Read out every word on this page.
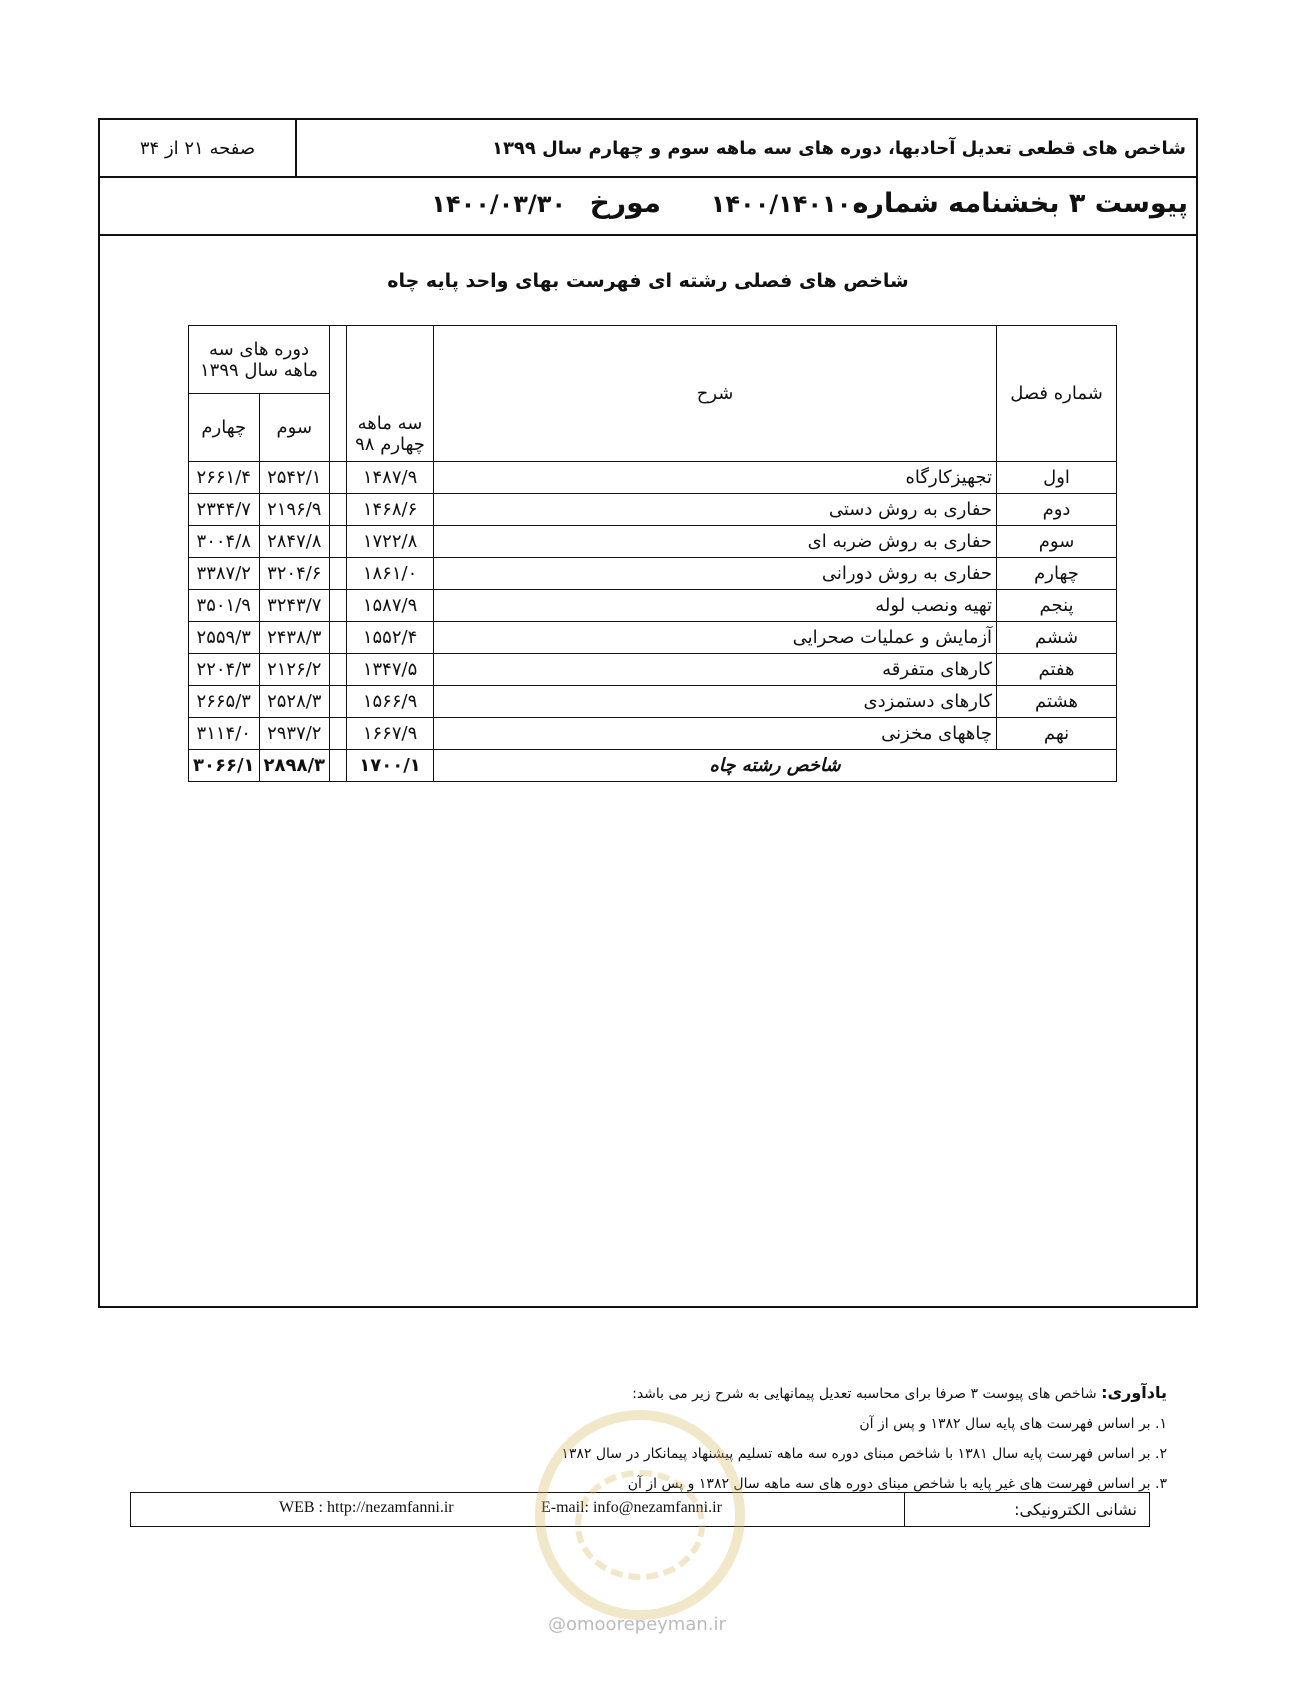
شاخص های قطعی تعدیل آحادبها، دوره های سه ماهه سوم و چهارم سال ۱۳۹۹
صفحه ۲۱ از ۳۴
پیوست ۳ بخشنامه شماره
۱۴۰۰/۱۴۰۱۰۰
مورخ
۱۴۰۰/۰۳/۳۰
شاخص های فصلی رشته ای فهرست بهای واحد پایه چاه
شماره فصل	شرح	سه ماهه چهارم ۹۸		دوره های سه ماهه سال ۱۳۹۹	
				سوم	چهارم
اول	تجهیزکارگاه	۱۴۸۷/۹		۲۵۴۲/۱	۲۶۶۱/۴
دوم	حفاری به روش دستی	۱۴۶۸/۶		۲۱۹۶/۹	۲۳۴۴/۷
سوم	حفاری به روش ضربه ای	۱۷۲۲/۸		۲۸۴۷/۸	۳۰۰۴/۸
چهارم	حفاری به روش دورانی	۱۸۶۱/۰		۳۲۰۴/۶	۳۳۸۷/۲
پنجم	تهیه ونصب لوله	۱۵۸۷/۹		۳۲۴۳/۷	۳۵۰۱/۹
ششم	آزمایش و عملیات صحرایی	۱۵۵۲/۴		۲۴۳۸/۳	۲۵۵۹/۳
هفتم	کارهای متفرقه	۱۳۴۷/۵		۲۱۲۶/۲	۲۲۰۴/۳
هشتم	کارهای دستمزدی	۱۵۶۶/۹		۲۵۲۸/۳	۲۶۶۵/۳
نهم	چاههای مخزنی	۱۶۶۷/۹		۲۹۳۷/۲	۳۱۱۴/۰
شاخص رشته چاه		۱۷۰۰/۱		۲۸۹۸/۳	۳۰۶۶/۱
یادآوری: شاخص های پیوست ۳ صرفا برای محاسبه تعدیل پیمانهایی به شرح زیر می باشد:
۱. بر اساس فهرست های پایه سال ۱۳۸۲ و پس از آن
۲. بر اساس فهرست پایه سال ۱۳۸۱ با شاخص مبنای دوره سه ماهه تسلیم پیشنهاد پیمانکار در سال ۱۳۸۲
۳. بر اساس فهرست های غیر پایه با شاخص مبنای دوره های سه ماهه سال ۱۳۸۲ و پس از آن
نشانی الکترونیکی:
E-mail: info@nezamfanni.ir
WEB : http://nezamfanni.ir
@omoorepeyman.ir
